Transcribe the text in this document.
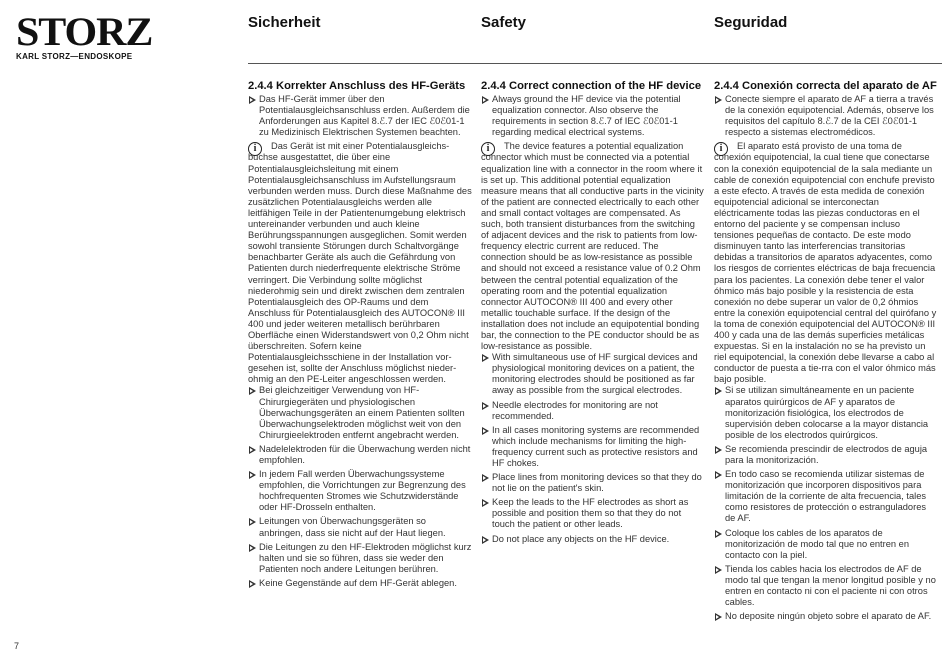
STORZ
KARL STORZ—ENDOSKOPE
Sicherheit	Safety	Seguridad
2.4.4 Korrekter Anschluss des HF-Geräts
Das HF-Gerät immer über den Potentialausgleichsanschluss erden. Außerdem die Anforderungen aus Kapitel 8.ℰ.7 der IEC ℰ0ℰ01-1 zu Medizinisch Elektrischen Systemen beachten.
i	Das Gerät ist mit einer Potentialausgleichs-buchse ausgestattet, die über eine Potentialausgleichsleitung mit einem Potentialausgleichsanschluss im Aufstellungsraum verbunden werden muss. Durch diese Maßnahme des zusätzlichen Potentialausgleichs werden alle leitfähigen Teile in der Patientenumgebung elektrisch untereinander verbunden und auch kleine Berührungsspannungen ausgeglichen. Somit werden sowohl transiente Störungen durch Schaltvorgänge benachbarter Geräte als auch die Gefährdung von Patienten durch niederfrequente elektrische Ströme verringert. Die Verbindung sollte möglichst niederohmig sein und direkt zwischen dem zentralen Potentialausgleich des OP-Raums und dem Anschluss für Potentialausgleich des AUTOCON® III 400 und jeder weiteren metallisch berührbaren Oberfläche einen Widerstandswert von 0,2 Ohm nicht überschreiten. Sofern keine Potentialausgleichsschiene in der Installation vor-gesehen ist, sollte der Anschluss möglichst nieder-ohmig an den PE-Leiter angeschlossen werden.
Bei gleichzeitiger Verwendung von HF-Chirurgiegeräten und physiologischen Überwachungsgeräten an einem Patienten sollten Überwachungselektroden möglichst weit von den Chirurgieelektroden entfernt angebracht werden.
Nadelelektroden für die Überwachung werden nicht empfohlen.
In jedem Fall werden Überwachungssysteme empfohlen, die Vorrichtungen zur Begrenzung des hochfrequenten Stromes wie Schutzwiderstände oder HF-Drosseln enthalten.
Leitungen von Überwachungsgeräten so anbringen, dass sie nicht auf der Haut liegen.
Die Leitungen zu den HF-Elektroden möglichst kurz halten und sie so führen, dass sie weder den Patienten noch andere Leitungen berühren.
Keine Gegenstände auf dem HF-Gerät ablegen.
2.4.4 Correct connection of the HF device
Always ground the HF device via the potential equalization connector. Also observe the requirements in section 8.ℰ.7 of IEC ℰ0ℰ01-1 regarding medical electrical systems.
i	The device features a potential equalization connector which must be connected via a potential equalization line with a connector in the room where it is set up. This additional potential equalization measure means that all conductive parts in the vicinity of the patient are connected electrically to each other and small contact voltages are compensated. As such, both transient disturbances from the switching of adjacent devices and the risk to patients from low-frequency electric current are reduced. The connection should be as low-resistance as possible and should not exceed a resistance value of 0.2 Ohm between the central potential equalization of the operating room and the potential equalization connector AUTOCON® III 400 and every other metallic touchable surface. If the design of the installation does not include an equipotential bonding bar, the connection to the PE conductor should be as low-resistance as possible.
With simultaneous use of HF surgical devices and physiological monitoring devices on a patient, the monitoring electrodes should be positioned as far away as possible from the surgical electrodes.
Needle electrodes for monitoring are not recommended.
In all cases monitoring systems are recommended which include mechanisms for limiting the high-frequency current such as protective resistors and HF chokes.
Place lines from monitoring devices so that they do not lie on the patient's skin.
Keep the leads to the HF electrodes as short as possible and position them so that they do not touch the patient or other leads.
Do not place any objects on the HF device.
2.4.4 Conexión correcta del aparato de AF
Conecte siempre el aparato de AF a tierra a través de la conexión equipotencial. Además, observe los requisitos del capítulo 8.ℰ.7 de la CEI ℰ0ℰ01-1 respecto a sistemas electromédicos.
i	El aparato está provisto de una toma de conexión equipotencial, la cual tiene que conectarse con la conexión equipotencial de la sala mediante un cable de conexión equipotencial con enchufe previsto a este efecto. A través de esta medida de conexión equipotencial adicional se interconectan eléctricamente todas las piezas conductoras en el entorno del paciente y se compensan incluso tensiones pequeñas de contacto. De este modo disminuyen tanto las interferencias transitorias debidas a transitorios de aparatos adyacentes, como los riesgos de corrientes eléctricas de baja frecuencia para los pacientes. La conexión debe tener el valor óhmico más bajo posible y la resistencia de esta conexión no debe superar un valor de 0,2 óhmios entre la conexión equipotencial central del quirófano y la toma de conexión equipotencial del AUTOCON® III 400 y cada una de las demás superficies metálicas expuestas. Si en la instalación no se ha previsto un riel equipotencial, la conexión debe llevarse a cabo al conductor de puesta a tie-rra con el valor óhmico más bajo posible.
Si se utilizan simultáneamente en un paciente aparatos quirúrgicos de AF y aparatos de monitorización fisiológica, los electrodos de supervisión deben colocarse a la mayor distancia posible de los electrodos quirúrgicos.
Se recomienda prescindir de electrodos de aguja para la monitorización.
En todo caso se recomienda utilizar sistemas de monitorización que incorporen dispositivos para limitación de la corriente de alta frecuencia, tales como resistores de protección o estranguladores de AF.
Coloque los cables de los aparatos de monitorización de modo tal que no entren en contacto con la piel.
Tienda los cables hacia los electrodos de AF de modo tal que tengan la menor longitud posible y no entren en contacto ni con el paciente ni con otros cables.
No deposite ningún objeto sobre el aparato de AF.
7
